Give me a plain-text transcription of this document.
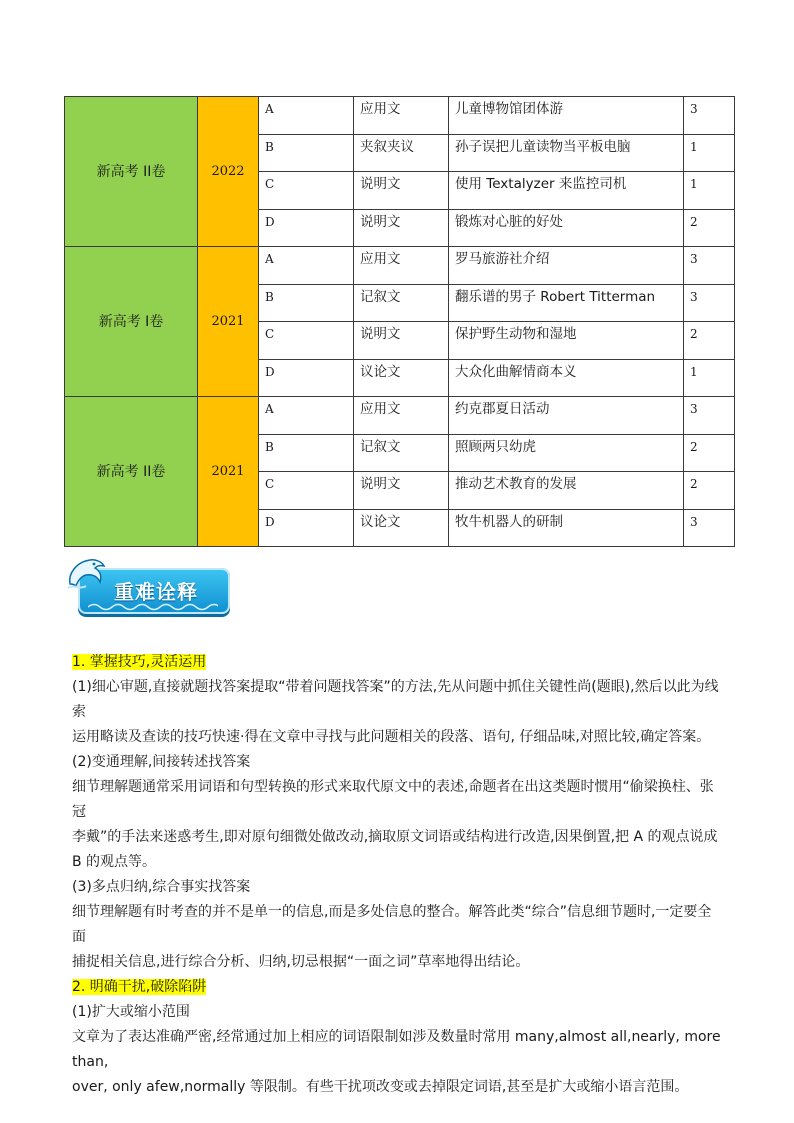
新高考 II卷	2022	A	应用文	儿童博物馆团体游	3
		B	夹叙夹议	孙子误把儿童读物当平板电脑	1
		C	说明文	使用 Textalyzer 来监控司机	1
		D	说明文	锻炼对心脏的好处	2
新高考 I卷	2021	A	应用文	罗马旅游社介绍	3
		B	记叙文	翻乐谱的男子 Robert Titterman	3
		C	说明文	保护野生动物和湿地	2
		D	议论文	大众化曲解情商本义	1
新高考 II卷	2021	A	应用文	约克郡夏日活动	3
		B	记叙文	照顾两只幼虎	2
		C	说明文	推动艺术教育的发展	2
		D	议论文	牧牛机器人的研制	3
重难诠释

1. 掌握技巧,灵活运用

(1)细心审题,直接就题找答案提取“带着问题找答案”的方法,先从问题中抓住关键性尚(题眼),然后以此为线索

运用略读及查读的技巧快速·得在文章中寻找与此问题相关的段落、语句, 仔细品味,对照比较,确定答案。

(2)变通理解,间接转述找答案

细节理解题通常采用词语和句型转换的形式来取代原文中的表述,命题者在出这类题时惯用“偷梁换柱、张冠

李戴”的手法来迷惑考生,即对原句细微处做改动,摘取原文词语或结构进行改造,因果倒置,把 A 的观点说成

B 的观点等。

(3)多点归纳,综合事实找答案

细节理解题有时考查的并不是单一的信息,而是多处信息的整合。解答此类“综合”信息细节题时,一定要全面

捕捉相关信息,进行综合分析、归纳,切忌根据“一面之词”草率地得出结论。

2. 明确干扰,破除陷阱

(1)扩大或缩小范围

文章为了表达准确严密,经常通过加上相应的词语限制如涉及数量时常用 many,almost all,nearly, more than,

over, only afew,normally 等限制。有些干扰项改变或去掉限定词语,甚至是扩大或缩小语言范围。
